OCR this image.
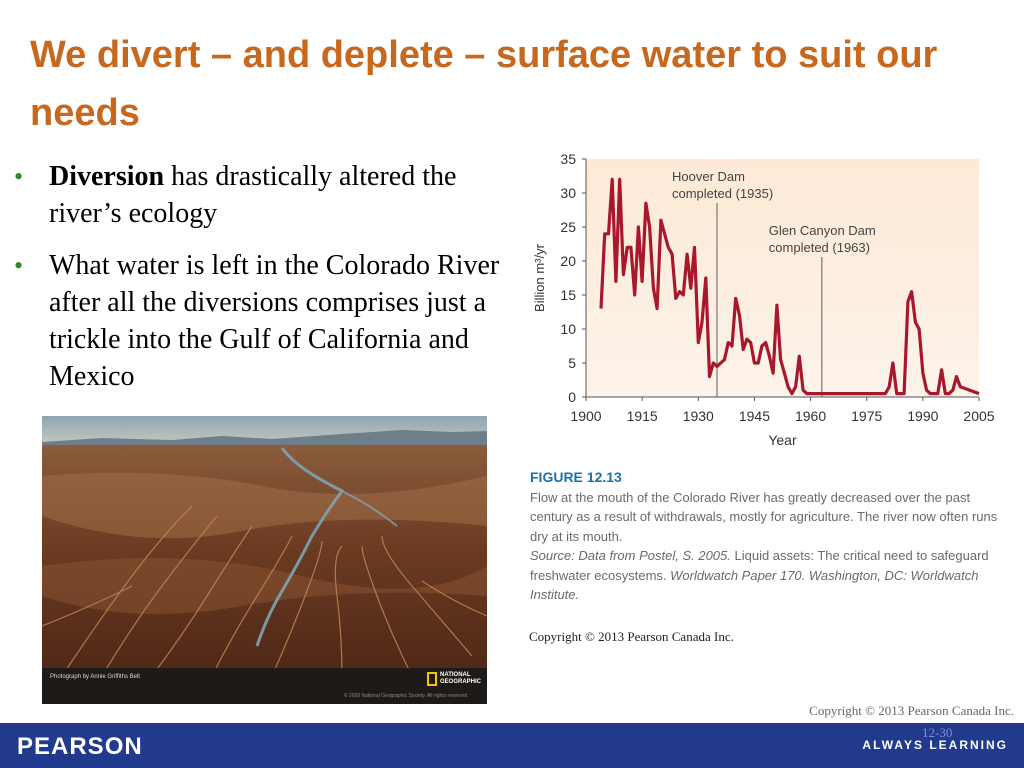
We divert – and deplete – surface water to suit our needs
• Diversion has drastically altered the river’s ecology
• What water is left in the Colorado River after all the diversions comprises just a trickle into the Gulf of California and Mexico
Photograph by Annie Griffiths Belt	NATIONAL
GEOGRAPHIC
© 2009 National Geographic Society. All rights reserved
Hoover Dam
completed (1935)
Glen Canyon Dam
completed (1963)
0
5
10
15
20
25
30
35
1900 1915 1930 1945 1960 1975 1990 2005
Billion m³/yr
Year

FIGURE 12.13

Flow at the mouth of the Colorado River has greatly decreased over the past century as a result of withdrawals, mostly for agriculture. The river now often runs dry at its mouth.

Source: Data from Postel, S. 2005. Liquid assets: The critical need to safeguard freshwater ecosystems. Worldwatch Paper 170. Washington, DC: Worldwatch Institute.

Copyright © 2013 Pearson Canada Inc.
Copyright © 2013 Pearson Canada Inc.
PEARSON
12-30
ALWAYS LEARNING
